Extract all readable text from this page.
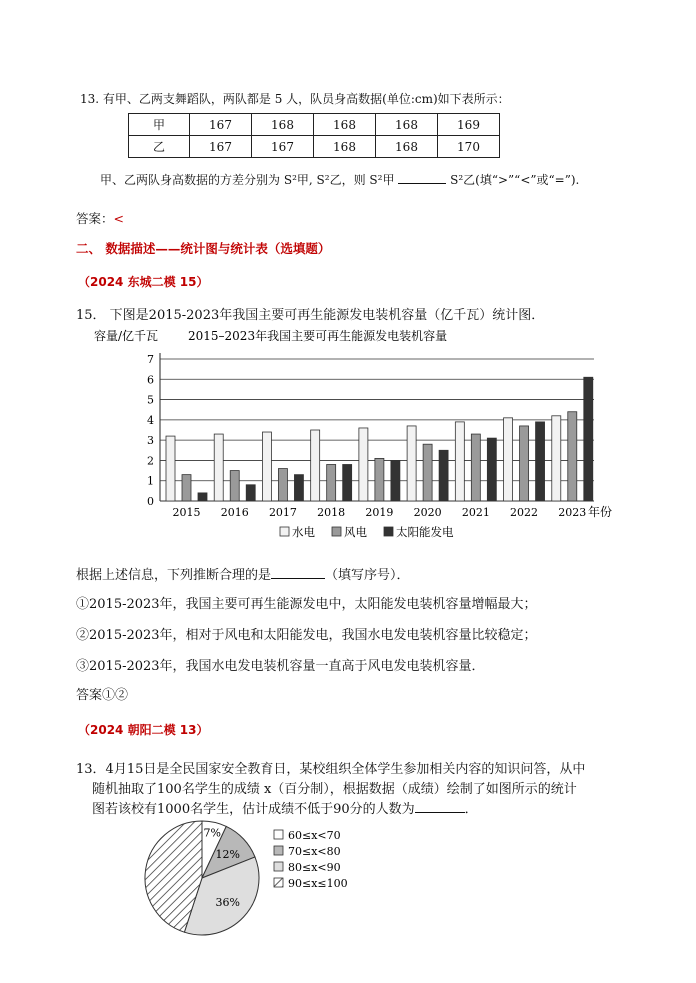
13. 有甲、乙两支舞蹈队，两队都是 5 人，队员身高数据(单位:cm)如下表所示：
甲	167	168	168	168	169
乙	167	167	168	168	170
甲、乙两队身高数据的方差分别为 S²甲, S²乙，则 S²甲	S²乙(填“>”“<”或“=”).
答案：<
二、 数据描述——统计图与统计表（选填题）
（2024 东城二模 15）
15． 下图是2015-2023年我国主要可再生能源发电装机容量（亿千瓦）统计图．
容量/亿千瓦 2015–2023年我国主要可再生能源发电装机容量
年份
0
1
2
3
4
5
6
7
2015 2016 2017 2018 2019 2020 2021 2022 2023
水电	风电	太阳能发电
根据上述信息，下列推断合理的是	（填写序号）．
①2015-2023年，我国主要可再生能源发电中，太阳能发电装机容量增幅最大；
②2015-2023年，相对于风电和太阳能发电，我国水电发电装机容量比较稳定；
③2015-2023年，我国水电发电装机容量一直高于风电发电装机容量．
答案①②
（2024 朝阳二模 13）
13．4月15日是全民国家安全教育日，某校组织全体学生参加相关内容的知识问答，从中
随机抽取了100名学生的成绩 x（百分制），根据数据（成绩）绘制了如图所示的统计
图若该校有1000名学生，估计成绩不低于90分的人数为	．
7%
12%
36%
60≤x<70
70≤x<80
80≤x<90
90≤x≤100
